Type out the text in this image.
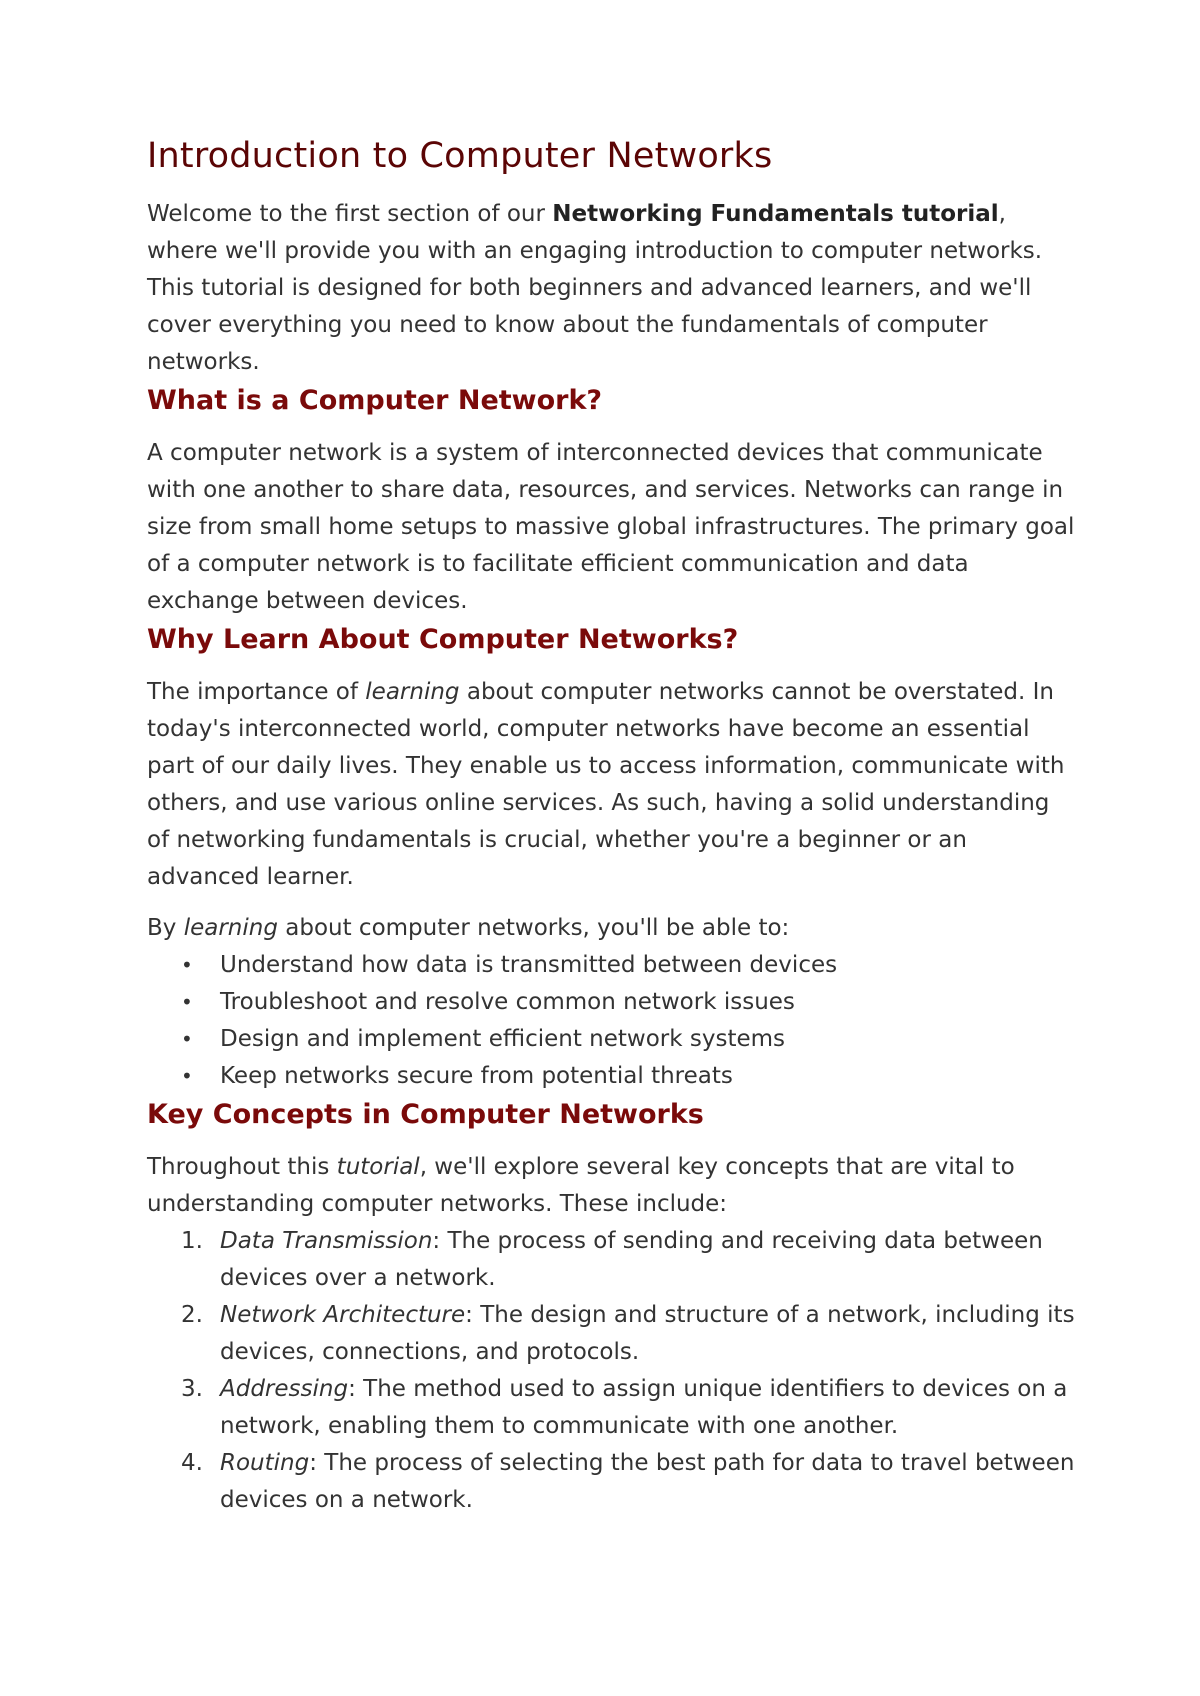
Introduction to Computer Networks

Welcome to the first section of our Networking Fundamentals tutorial, where we'll provide you with an engaging introduction to computer networks. This tutorial is designed for both beginners and advanced learners, and we'll cover everything you need to know about the fundamentals of computer networks.

What is a Computer Network?

A computer network is a system of interconnected devices that communicate with one another to share data, resources, and services. Networks can range in size from small home setups to massive global infrastructures. The primary goal of a computer network is to facilitate efficient communication and data exchange between devices.

Why Learn About Computer Networks?

The importance of learning about computer networks cannot be overstated. In today's interconnected world, computer networks have become an essential part of our daily lives. They enable us to access information, communicate with others, and use various online services. As such, having a solid understanding of networking fundamentals is crucial, whether you're a beginner or an advanced learner.

By learning about computer networks, you'll be able to:

• Understand how data is transmitted between devices
• Troubleshoot and resolve common network issues
• Design and implement efficient network systems
• Keep networks secure from potential threats
Key Concepts in Computer Networks

Throughout this tutorial, we'll explore several key concepts that are vital to understanding computer networks. These include:

1. Data Transmission: The process of sending and receiving data between devices over a network.
2. Network Architecture: The design and structure of a network, including its devices, connections, and protocols.
3. Addressing: The method used to assign unique identifiers to devices on a network, enabling them to communicate with one another.
4. Routing: The process of selecting the best path for data to travel between devices on a network.
